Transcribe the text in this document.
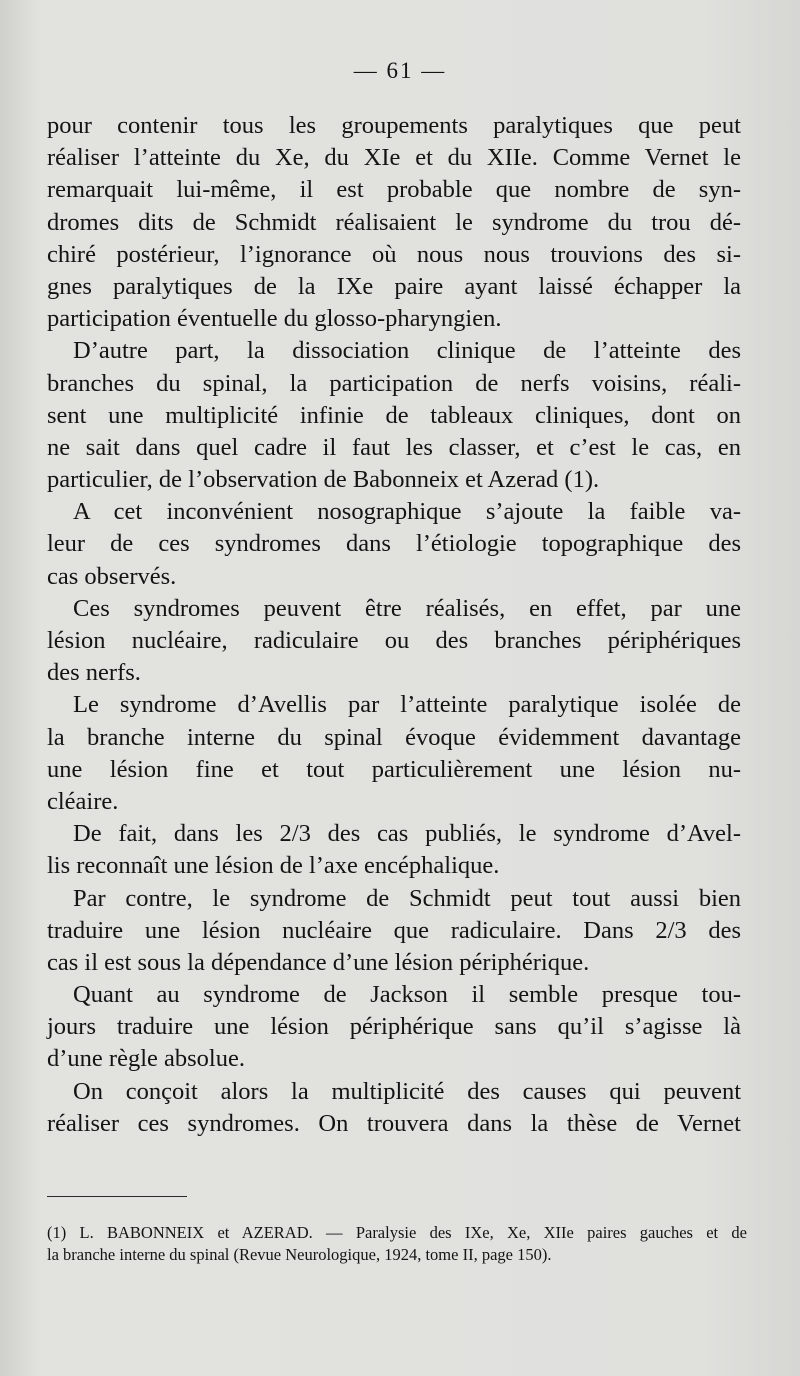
— 61 —
pour contenir tous les groupements paralytiques que peut
réaliser l’atteinte du Xe, du XIe et du XIIe. Comme Vernet le
remarquait lui-même, il est probable que nombre de syn-
dromes dits de Schmidt réalisaient le syndrome du trou dé-
chiré postérieur, l’ignorance où nous nous trouvions des si-
gnes paralytiques de la IXe paire ayant laissé échapper la
participation éventuelle du glosso-pharyngien.
D’autre part, la dissociation clinique de l’atteinte des
branches du spinal, la participation de nerfs voisins, réali-
sent une multiplicité infinie de tableaux cliniques, dont on
ne sait dans quel cadre il faut les classer, et c’est le cas, en
particulier, de l’observation de Babonneix et Azerad (1).
A cet inconvénient nosographique s’ajoute la faible va-
leur de ces syndromes dans l’étiologie topographique des
cas observés.
Ces syndromes peuvent être réalisés, en effet, par une
lésion nucléaire, radiculaire ou des branches périphériques
des nerfs.
Le syndrome d’Avellis par l’atteinte paralytique isolée de
la branche interne du spinal évoque évidemment davantage
une lésion fine et tout particulièrement une lésion nu-
cléaire.
De fait, dans les 2/3 des cas publiés, le syndrome d’Avel-
lis reconnaît une lésion de l’axe encéphalique.
Par contre, le syndrome de Schmidt peut tout aussi bien
traduire une lésion nucléaire que radiculaire. Dans 2/3 des
cas il est sous la dépendance d’une lésion périphérique.
Quant au syndrome de Jackson il semble presque tou-
jours traduire une lésion périphérique sans qu’il s’agisse là
d’une règle absolue.
On conçoit alors la multiplicité des causes qui peuvent
réaliser ces syndromes. On trouvera dans la thèse de Vernet
(1) L. BABONNEIX et AZERAD. — Paralysie des IXe, Xe, XIIe paires gauches et de
la branche interne du spinal (Revue Neurologique, 1924, tome II, page 150).
